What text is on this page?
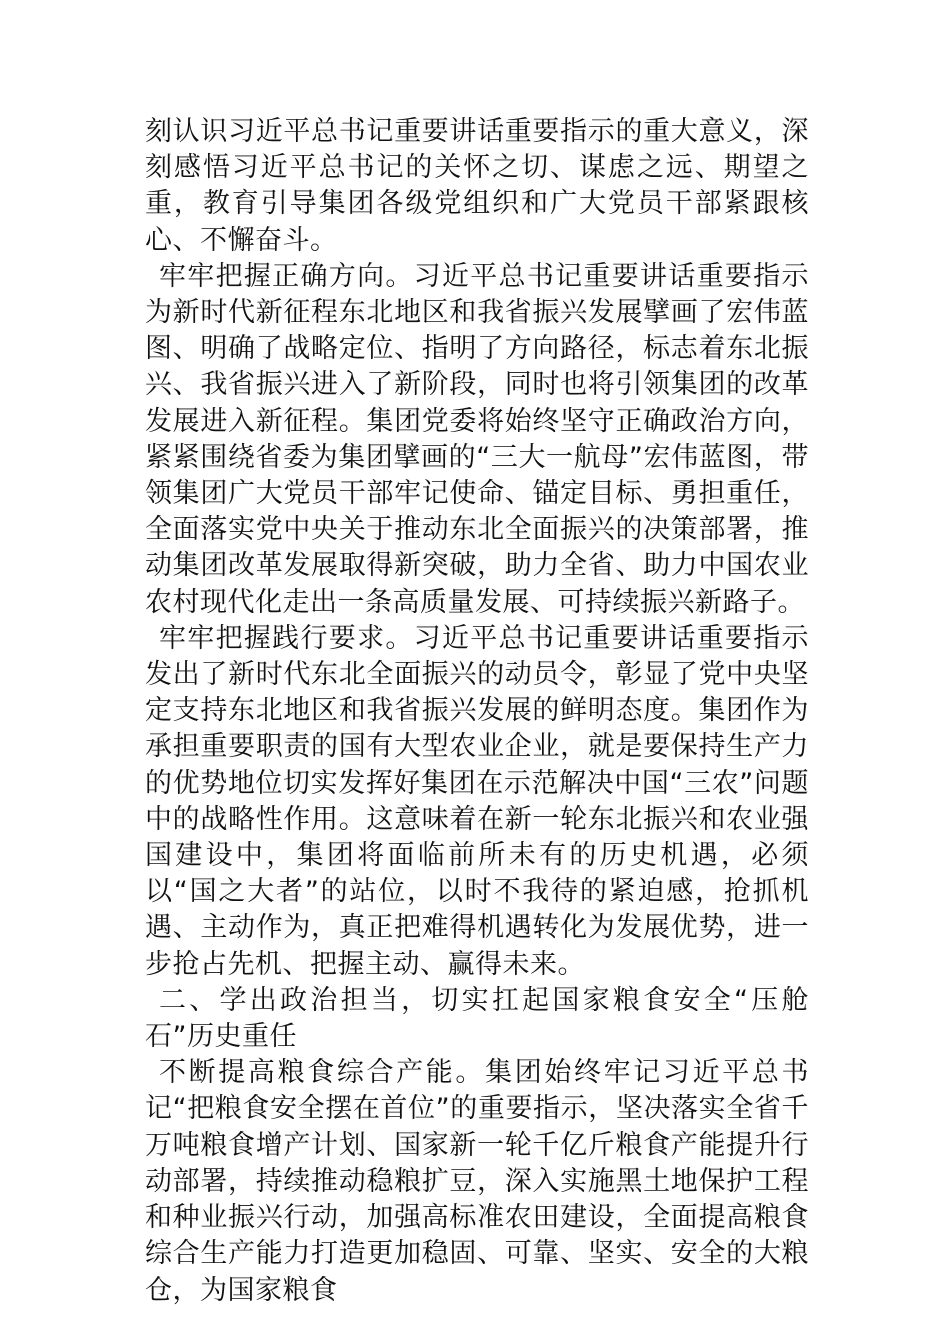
刻认识习近平总书记重要讲话重要指示的重大意义，深刻感悟习近平总书记的关怀之切、谋虑之远、期望之重，教育引导集团各级党组织和广大党员干部紧跟核心、不懈奋斗。

牢牢把握正确方向。习近平总书记重要讲话重要指示为新时代新征程东北地区和我省振兴发展擘画了宏伟蓝图、明确了战略定位、指明了方向路径，标志着东北振兴、我省振兴进入了新阶段，同时也将引领集团的改革发展进入新征程。集团党委将始终坚守正确政治方向，紧紧围绕省委为集团擘画的“三大一航母”宏伟蓝图，带领集团广大党员干部牢记使命、锚定目标、勇担重任，全面落实党中央关于推动东北全面振兴的决策部署，推动集团改革发展取得新突破，助力全省、助力中国农业农村现代化走出一条高质量发展、可持续振兴新路子。

牢牢把握践行要求。习近平总书记重要讲话重要指示发出了新时代东北全面振兴的动员令，彰显了党中央坚定支持东北地区和我省振兴发展的鲜明态度。集团作为承担重要职责的国有大型农业企业，就是要保持生产力的优势地位切实发挥好集团在示范解决中国“三农”问题中的战略性作用。这意味着在新一轮东北振兴和农业强国建设中，集团将面临前所未有的历史机遇，必须以“国之大者”的站位，以时不我待的紧迫感，抢抓机遇、主动作为，真正把难得机遇转化为发展优势，进一步抢占先机、把握主动、赢得未来。

二、学出政治担当，切实扛起国家粮食安全“压舱石”历史重任

不断提高粮食综合产能。集团始终牢记习近平总书记“把粮食安全摆在首位”的重要指示，坚决落实全省千万吨粮食增产计划、国家新一轮千亿斤粮食产能提升行动部署，持续推动稳粮扩豆，深入实施黑土地保护工程和种业振兴行动，加强高标准农田建设，全面提高粮食综合生产能力打造更加稳固、可靠、坚实、安全的大粮仓，为国家粮食
